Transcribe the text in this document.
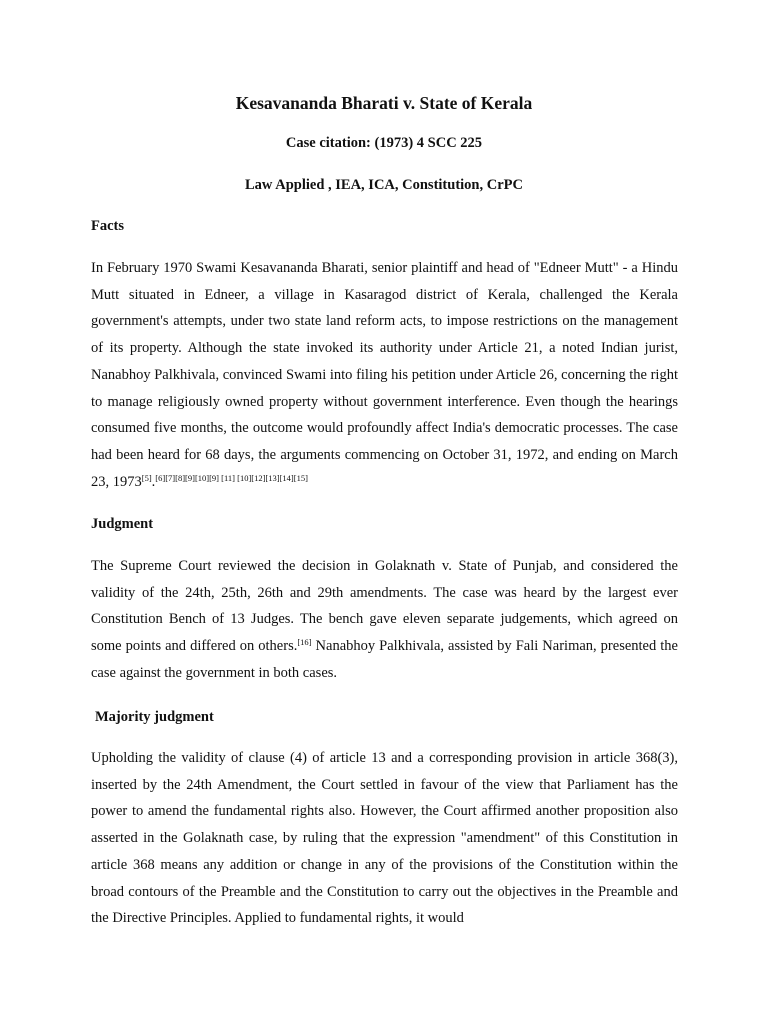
Kesavananda Bharati v. State of Kerala

Case citation: (1973) 4 SCC 225

Law Applied , IEA, ICA, Constitution, CrPC

Facts

In February 1970 Swami Kesavananda Bharati, senior plaintiff and head of "Edneer Mutt" - a Hindu Mutt situated in Edneer, a village in Kasaragod district of Kerala, challenged the Kerala government's attempts, under two state land reform acts, to impose restrictions on the management of its property. Although the state invoked its authority under Article 21, a noted Indian jurist, Nanabhoy Palkhivala, convinced Swami into filing his petition under Article 26, concerning the right to manage religiously owned property without government interference. Even though the hearings consumed five months, the outcome would profoundly affect India's democratic processes. The case had been heard for 68 days, the arguments commencing on October 31, 1972, and ending on March 23, 1973[5].[6][7][8][9][10][9] [11] [10][12][13][14][15]

Judgment

The Supreme Court reviewed the decision in Golaknath v. State of Punjab, and considered the validity of the 24th, 25th, 26th and 29th amendments. The case was heard by the largest ever Constitution Bench of 13 Judges. The bench gave eleven separate judgements, which agreed on some points and differed on others.[16] Nanabhoy Palkhivala, assisted by Fali Nariman, presented the case against the government in both cases.

Majority judgment

Upholding the validity of clause (4) of article 13 and a corresponding provision in article 368(3), inserted by the 24th Amendment, the Court settled in favour of the view that Parliament has the power to amend the fundamental rights also. However, the Court affirmed another proposition also asserted in the Golaknath case, by ruling that the expression "amendment" of this Constitution in article 368 means any addition or change in any of the provisions of the Constitution within the broad contours of the Preamble and the Constitution to carry out the objectives in the Preamble and the Directive Principles. Applied to fundamental rights, it would
